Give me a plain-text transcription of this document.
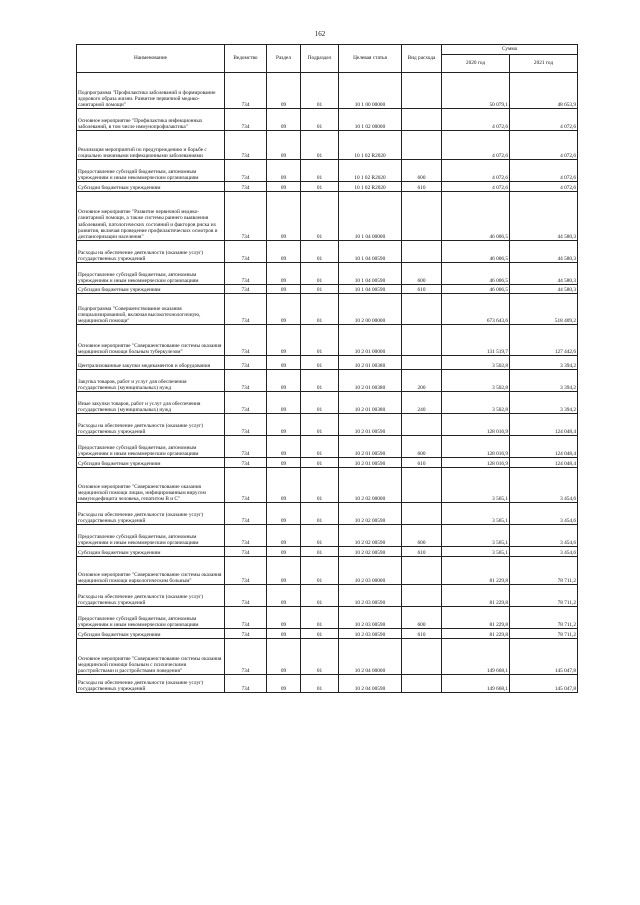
162
Наименование	Ведомство	Раздел	Подраздел	Целевая статья	Вид расхода	Сумма	
						2020 год	2021 год
Подпрограмма "Профилактика заболеваний и формирование здорового образа жизни. Развитие первичной медико-санитарной помощи"	734	09	01	10 1 00 00000		50 079,1	48 653,9
Основное мероприятие "Профилактика инфекционных заболеваний, в том числе иммунопрофилактика"	734	09	01	10 1 02 00000		4 072,6	4 072,6
Реализация мероприятий по предупреждению и борьбе с социально значимыми инфекционными заболеваниями	734	09	01	10 1 02 R2020		4 072,6	4 072,6
Предоставление субсидий бюджетным, автономным учреждениям и иным некоммерческим организациям	734	09	01	10 1 02 R2020	600	4 072,6	4 072,6
Субсидии бюджетным учреждениям	734	09	01	10 1 02 R2020	610	4 072,6	4 072,6
Основное мероприятие "Развитие первичной медико-санитарной помощи, а также системы раннего выявления заболеваний, патологических состояний и факторов риска их развития, включая проведение профилактических осмотров и диспансеризации населения"	734	09	01	10 1 04 00000		46 006,5	44 580,3
Расходы на обеспечение деятельности (оказание услуг) государственных учреждений	734	09	01	10 1 04 00590		46 006,5	44 580,3
Предоставление субсидий бюджетным, автономным учреждениям и иным некоммерческим организациям	734	09	01	10 1 04 00590	600	46 006,5	44 580,3
Субсидии бюджетным учреждениям	734	09	01	10 1 04 00590	610	46 006,5	44 580,3
Подпрограмма "Совершенствование оказания специализированной, включая высокотехнологичную, медицинской помощи"	734	09	01	10 2 00 00000		673 643,6	518 409,2
Основное мероприятие "Совершенствование системы оказания медицинской помощи больным туберкулезом"	734	09	01	10 2 01 00000		131 519,7	127 442,6
Централизованные закупки медикаментов и оборудования	734	09	01	10 2 01 00380		3 502,8	3 394,2
Закупка товаров, работ и услуг для обеспечения государственных (муниципальных) нужд	734	09	01	10 2 01 00380	200	3 502,8	3 394,2
Иные закупки товаров, работ и услуг для обеспечения государственных (муниципальных) нужд	734	09	01	10 2 01 00380	240	3 502,8	3 394,2
Расходы на обеспечение деятельности (оказание услуг) государственных учреждений	734	09	01	10 2 01 00590		128 016,9	124 048,4
Предоставление субсидий бюджетным, автономным учреждениям и иным некоммерческим организациям	734	09	01	10 2 01 00590	600	128 016,9	124 048,4
Субсидии бюджетным учреждениям	734	09	01	10 2 01 00590	610	128 016,9	124 048,4
Основное мероприятие "Совершенствование оказания медицинской помощи лицам, инфицированным вирусом иммунодефицита человека, гепатитом В и С"	734	09	01	10 2 02 00000		3 565,1	3 454,6
Расходы на обеспечение деятельности (оказание услуг) государственных учреждений	734	09	01	10 2 02 00590		3 565,1	3 454,6
Предоставление субсидий бюджетным, автономным учреждениям и иным некоммерческим организациям	734	09	01	10 2 02 00590	600	3 565,1	3 454,6
Субсидии бюджетным учреждениям	734	09	01	10 2 02 00590	610	3 565,1	3 454,6
Основное мероприятие "Совершенствование системы оказания медицинской помощи наркологическим больным"	734	09	01	10 2 03 00000		81 229,8	78 711,2
Расходы на обеспечение деятельности (оказание услуг) государственных учреждений	734	09	01	10 2 03 00590		81 229,8	78 711,2
Предоставление субсидий бюджетным, автономным учреждениям и иным некоммерческим организациям	734	09	01	10 2 03 00590	600	81 229,8	78 711,2
Субсидии бюджетным учреждениям	734	09	01	10 2 03 00590	610	81 229,8	78 711,2
Основное мероприятие "Совершенствование системы оказания медицинской помощи больным с психическими расстройствами и расстройствами поведения"	734	09	01	10 2 04 00000		149 668,1	145 047,8
Расходы на обеспечение деятельности (оказание услуг) государственных учреждений	734	09	01	10 2 04 00590		149 668,1	145 047,8
